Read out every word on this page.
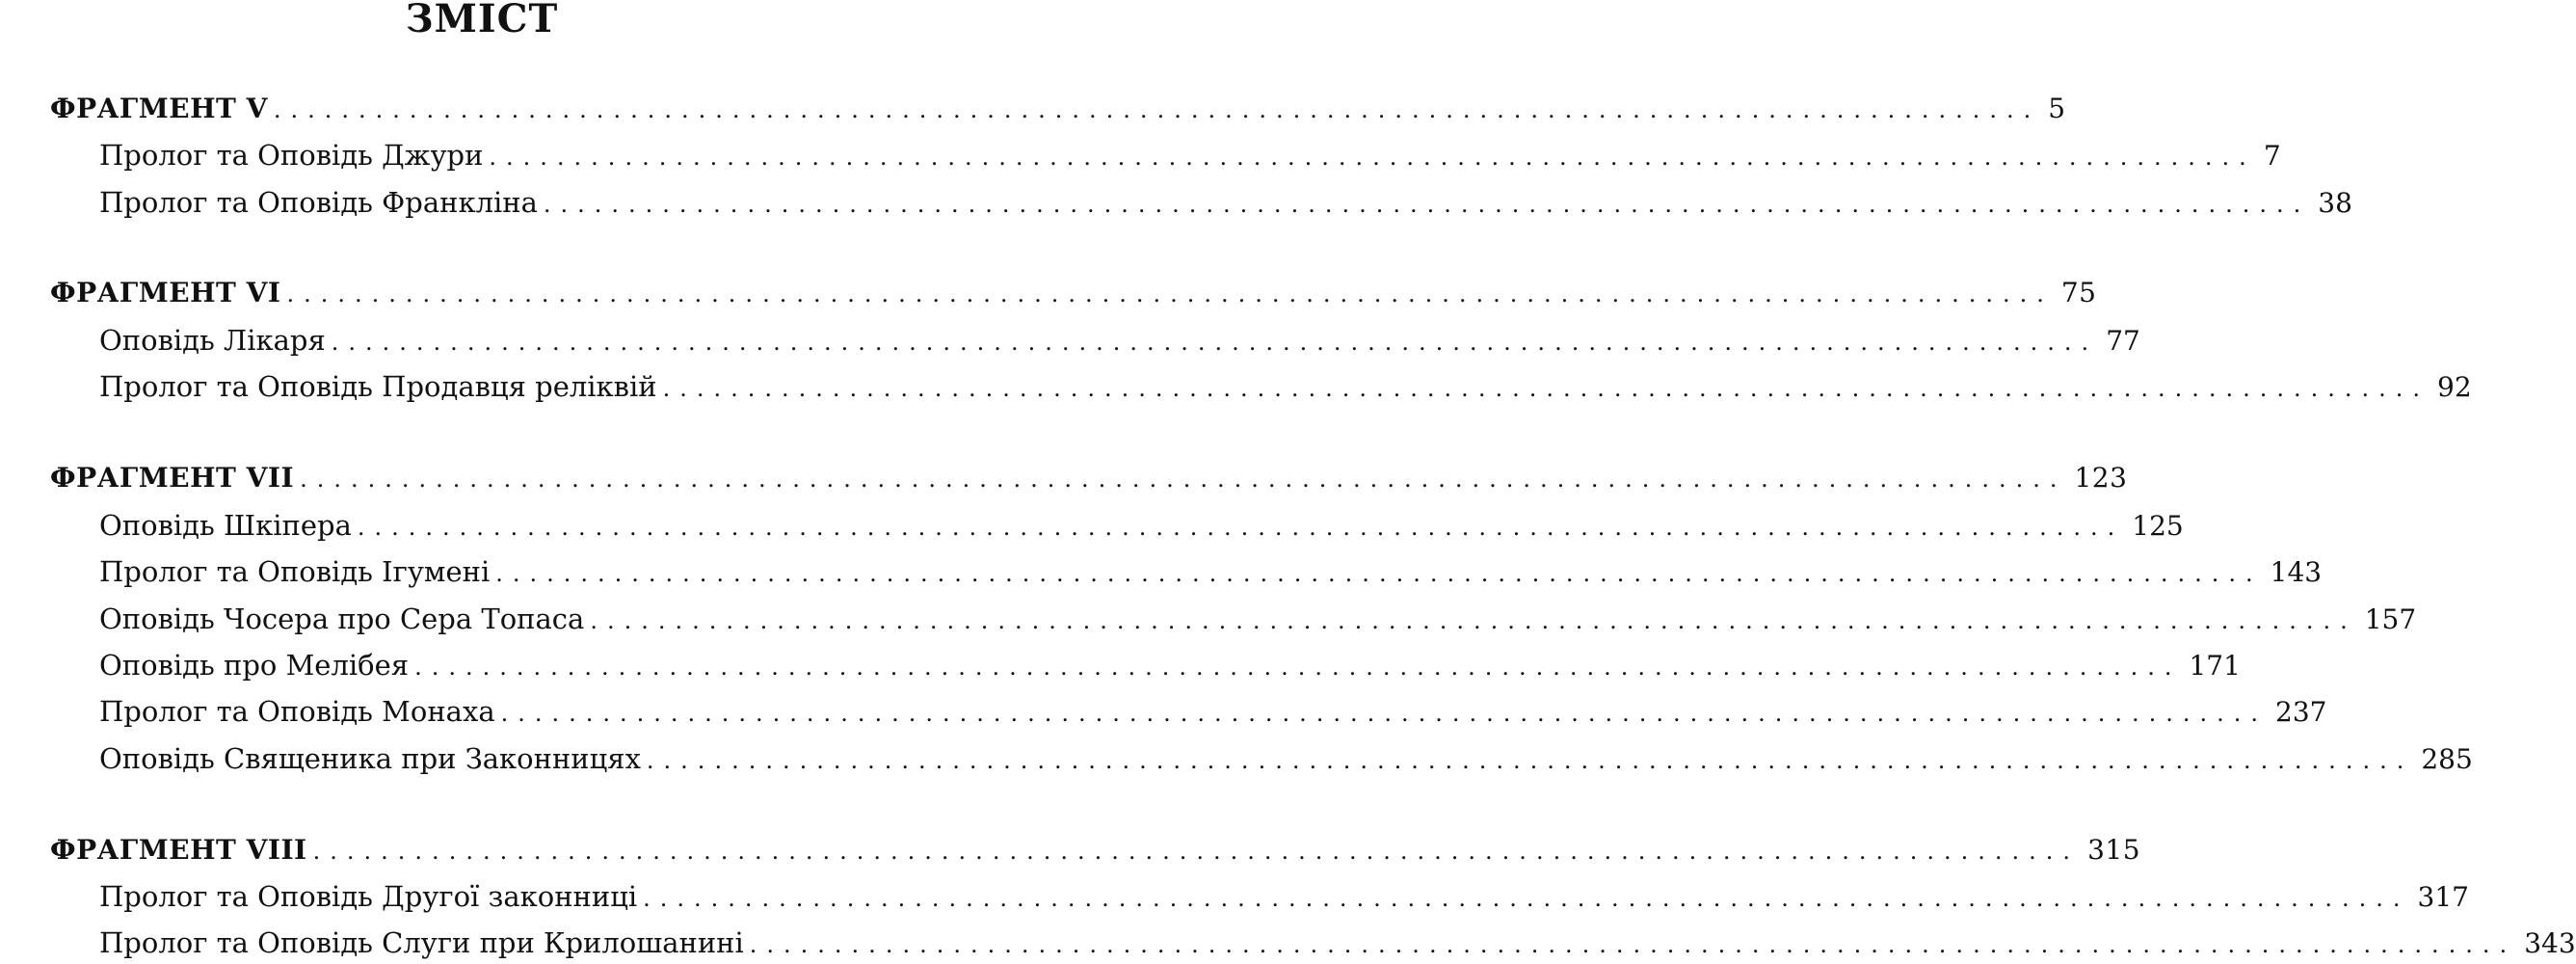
ЗМІСТ
ФРАГМЕНТ V ........................................................................................................ 5
Пролог та Оповідь Джури ........................................................................................................ 7
Пролог та Оповідь Франкліна ........................................................................................................ 38
ФРАГМЕНТ VI ........................................................................................................ 75
Оповідь Лікаря ........................................................................................................ 77
Пролог та Оповідь Продавця реліквій ........................................................................................................ 92
ФРАГМЕНТ VII ........................................................................................................ 123
Оповідь Шкіпера ........................................................................................................ 125
Пролог та Оповідь Ігумені ........................................................................................................ 143
Оповідь Чосера про Сера Топаса ........................................................................................................ 157
Оповідь про Мелібея ........................................................................................................ 171
Пролог та Оповідь Монаха ........................................................................................................ 237
Оповідь Священика при Законницях ........................................................................................................ 285
ФРАГМЕНТ VIII ........................................................................................................ 315
Пролог та Оповідь Другої законниці ........................................................................................................ 317
Пролог та Оповідь Слуги при Крилошанині ........................................................................................................ 343
